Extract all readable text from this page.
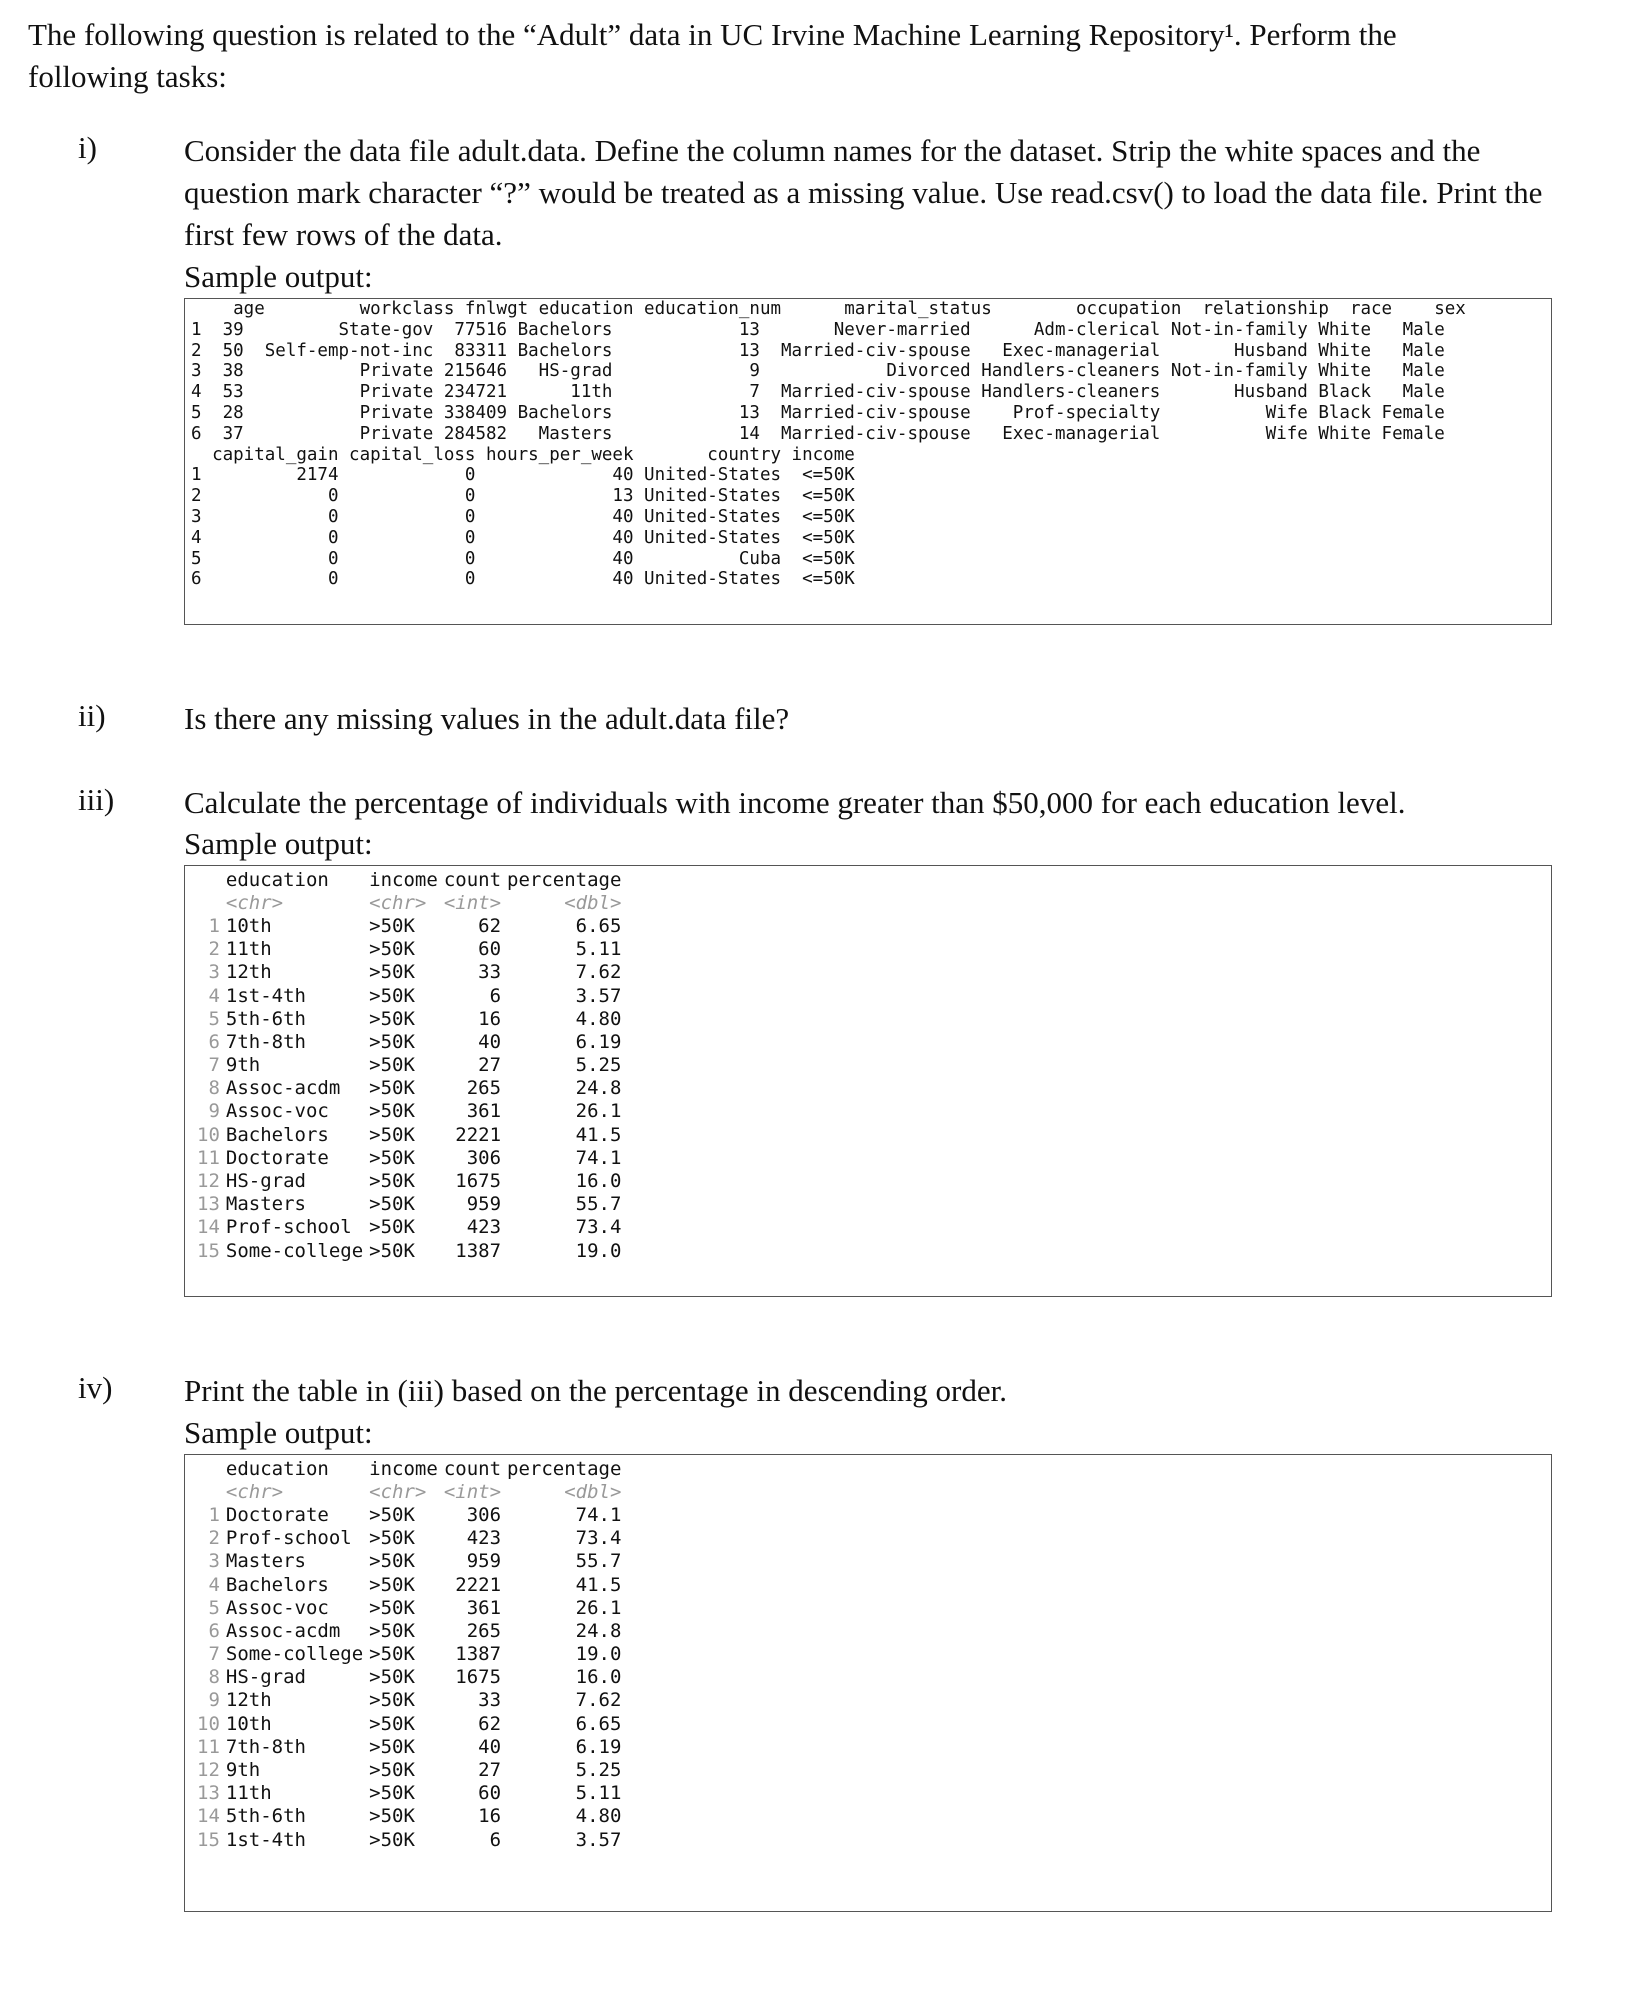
The following question is related to the “Adult” data in UC Irvine Machine Learning Repository¹. Perform the
following tasks:
i)	Consider the data file adult.data. Define the column names for the dataset. Strip the white spaces and the question mark character “?” would be treated as a missing value. Use read.csv() to load the data file. Print the first few rows of the data.
Sample output:
age         workclass fnlwgt education education_num      marital_status        occupation  relationship  race    sex
1  39         State-gov  77516 Bachelors            13       Never-married      Adm-clerical Not-in-family White   Male
2  50  Self-emp-not-inc  83311 Bachelors            13  Married-civ-spouse   Exec-managerial       Husband White   Male
3  38           Private 215646   HS-grad             9            Divorced Handlers-cleaners Not-in-family White   Male
4  53           Private 234721      11th             7  Married-civ-spouse Handlers-cleaners       Husband Black   Male
5  28           Private 338409 Bachelors            13  Married-civ-spouse    Prof-specialty          Wife Black Female
6  37           Private 284582   Masters            14  Married-civ-spouse   Exec-managerial          Wife White Female
capital_gain capital_loss hours_per_week       country income
1         2174            0             40 United-States  <=50K
2            0            0             13 United-States  <=50K
3            0            0             40 United-States  <=50K
4            0            0             40 United-States  <=50K
5            0            0             40          Cuba  <=50K
6            0            0             40 United-States  <=50K
ii)	Is there any missing values in the adult.data file?
iii) Calculate the percentage of individuals with income greater than $50,000 for each education level.
Sample output:
	education	income	count	percentage
	<chr>	<chr>	<int>	<dbl>
1	10th	>50K	62	6.65
2	11th	>50K	60	5.11
3	12th	>50K	33	7.62
4	1st-4th	>50K	6	3.57
5	5th-6th	>50K	16	4.80
6	7th-8th	>50K	40	6.19
7	9th	>50K	27	5.25
8	Assoc-acdm	>50K	265	24.8
9	Assoc-voc	>50K	361	26.1
10	Bachelors	>50K	2221	41.5
11	Doctorate	>50K	306	74.1
12	HS-grad	>50K	1675	16.0
13	Masters	>50K	959	55.7
14	Prof-school	>50K	423	73.4
15	Some-college	>50K	1387	19.0
iv) Print the table in (iii) based on the percentage in descending order.
Sample output:
	education	income	count	percentage
	<chr>	<chr>	<int>	<dbl>
1	Doctorate	>50K	306	74.1
2	Prof-school	>50K	423	73.4
3	Masters	>50K	959	55.7
4	Bachelors	>50K	2221	41.5
5	Assoc-voc	>50K	361	26.1
6	Assoc-acdm	>50K	265	24.8
7	Some-college	>50K	1387	19.0
8	HS-grad	>50K	1675	16.0
9	12th	>50K	33	7.62
10	10th	>50K	62	6.65
11	7th-8th	>50K	40	6.19
12	9th	>50K	27	5.25
13	11th	>50K	60	5.11
14	5th-6th	>50K	16	4.80
15	1st-4th	>50K	6	3.57
